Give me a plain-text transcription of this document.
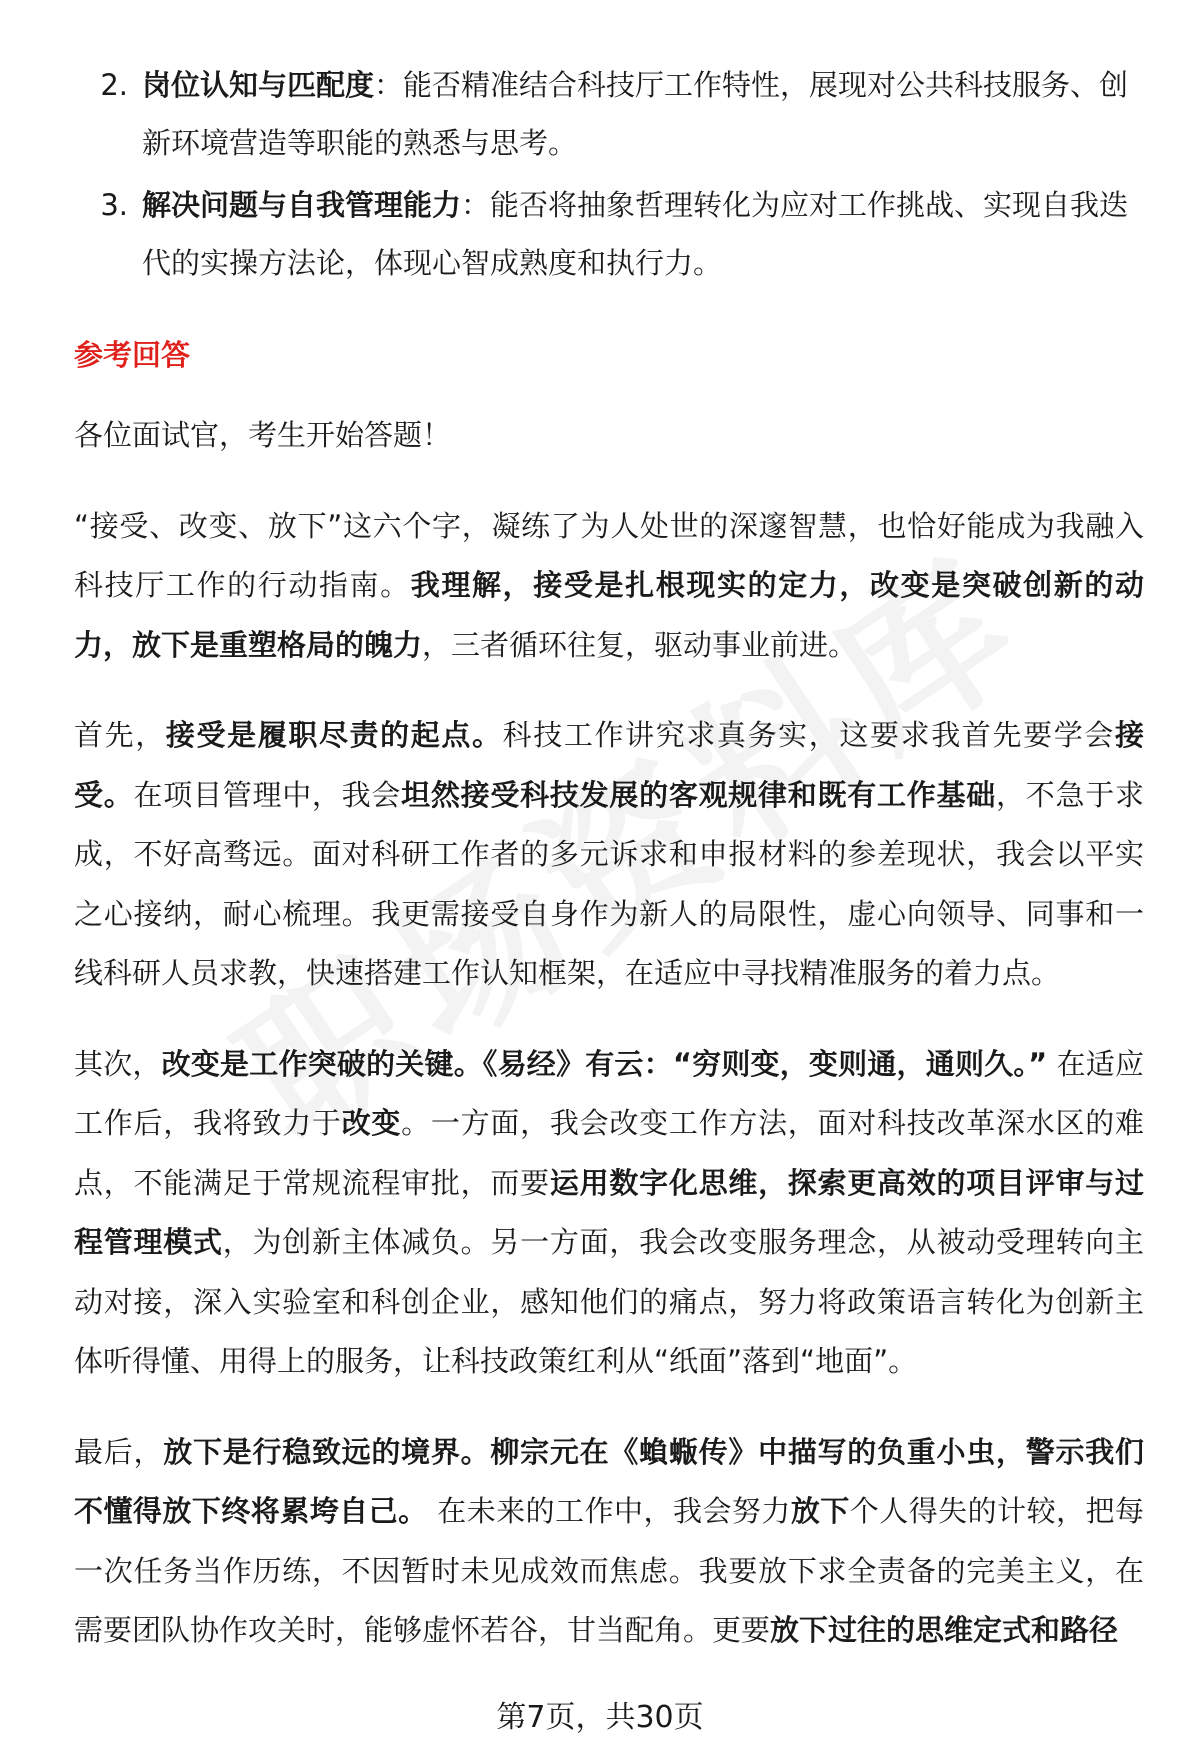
2. 岗位认知与匹配度：能否精准结合科技厅工作特性，展现对公共科技服务、创新环境营造等职能的熟悉与思考。
3. 解决问题与自我管理能力：能否将抽象哲理转化为应对工作挑战、实现自我迭代的实操方法论，体现心智成熟度和执行力。
参考回答

各位面试官，考生开始答题！

“接受、改变、放下”这六个字，凝练了为人处世的深邃智慧，也恰好能成为我融入科技厅工作的行动指南。我理解，接受是扎根现实的定力，改变是突破创新的动力，放下是重塑格局的魄力，三者循环往复，驱动事业前进。

首先，接受是履职尽责的起点。科技工作讲究求真务实，这要求我首先要学会接受。在项目管理中，我会坦然接受科技发展的客观规律和既有工作基础，不急于求成，不好高骛远。面对科研工作者的多元诉求和申报材料的参差现状，我会以平实之心接纳，耐心梳理。我更需接受自身作为新人的局限性，虚心向领导、同事和一线科研人员求教，快速搭建工作认知框架，在适应中寻找精准服务的着力点。

其次，改变是工作突破的关键。《易经》有云：“穷则变，变则通，通则久。” 在适应工作后，我将致力于改变。一方面，我会改变工作方法，面对科技改革深水区的难点，不能满足于常规流程审批，而要运用数字化思维，探索更高效的项目评审与过程管理模式，为创新主体减负。另一方面，我会改变服务理念，从被动受理转向主动对接，深入实验室和科创企业，感知他们的痛点，努力将政策语言转化为创新主体听得懂、用得上的服务，让科技政策红利从“纸面”落到“地面”。

最后，放下是行稳致远的境界。柳宗元在《蝜蝂传》中描写的负重小虫，警示我们不懂得放下终将累垮自己。 在未来的工作中，我会努力放下个人得失的计较，把每一次任务当作历练，不因暂时未见成效而焦虑。我要放下求全责备的完美主义，在需要团队协作攻关时，能够虚怀若谷，甘当配角。更要放下过往的思维定式和路径

第7页，共30页
